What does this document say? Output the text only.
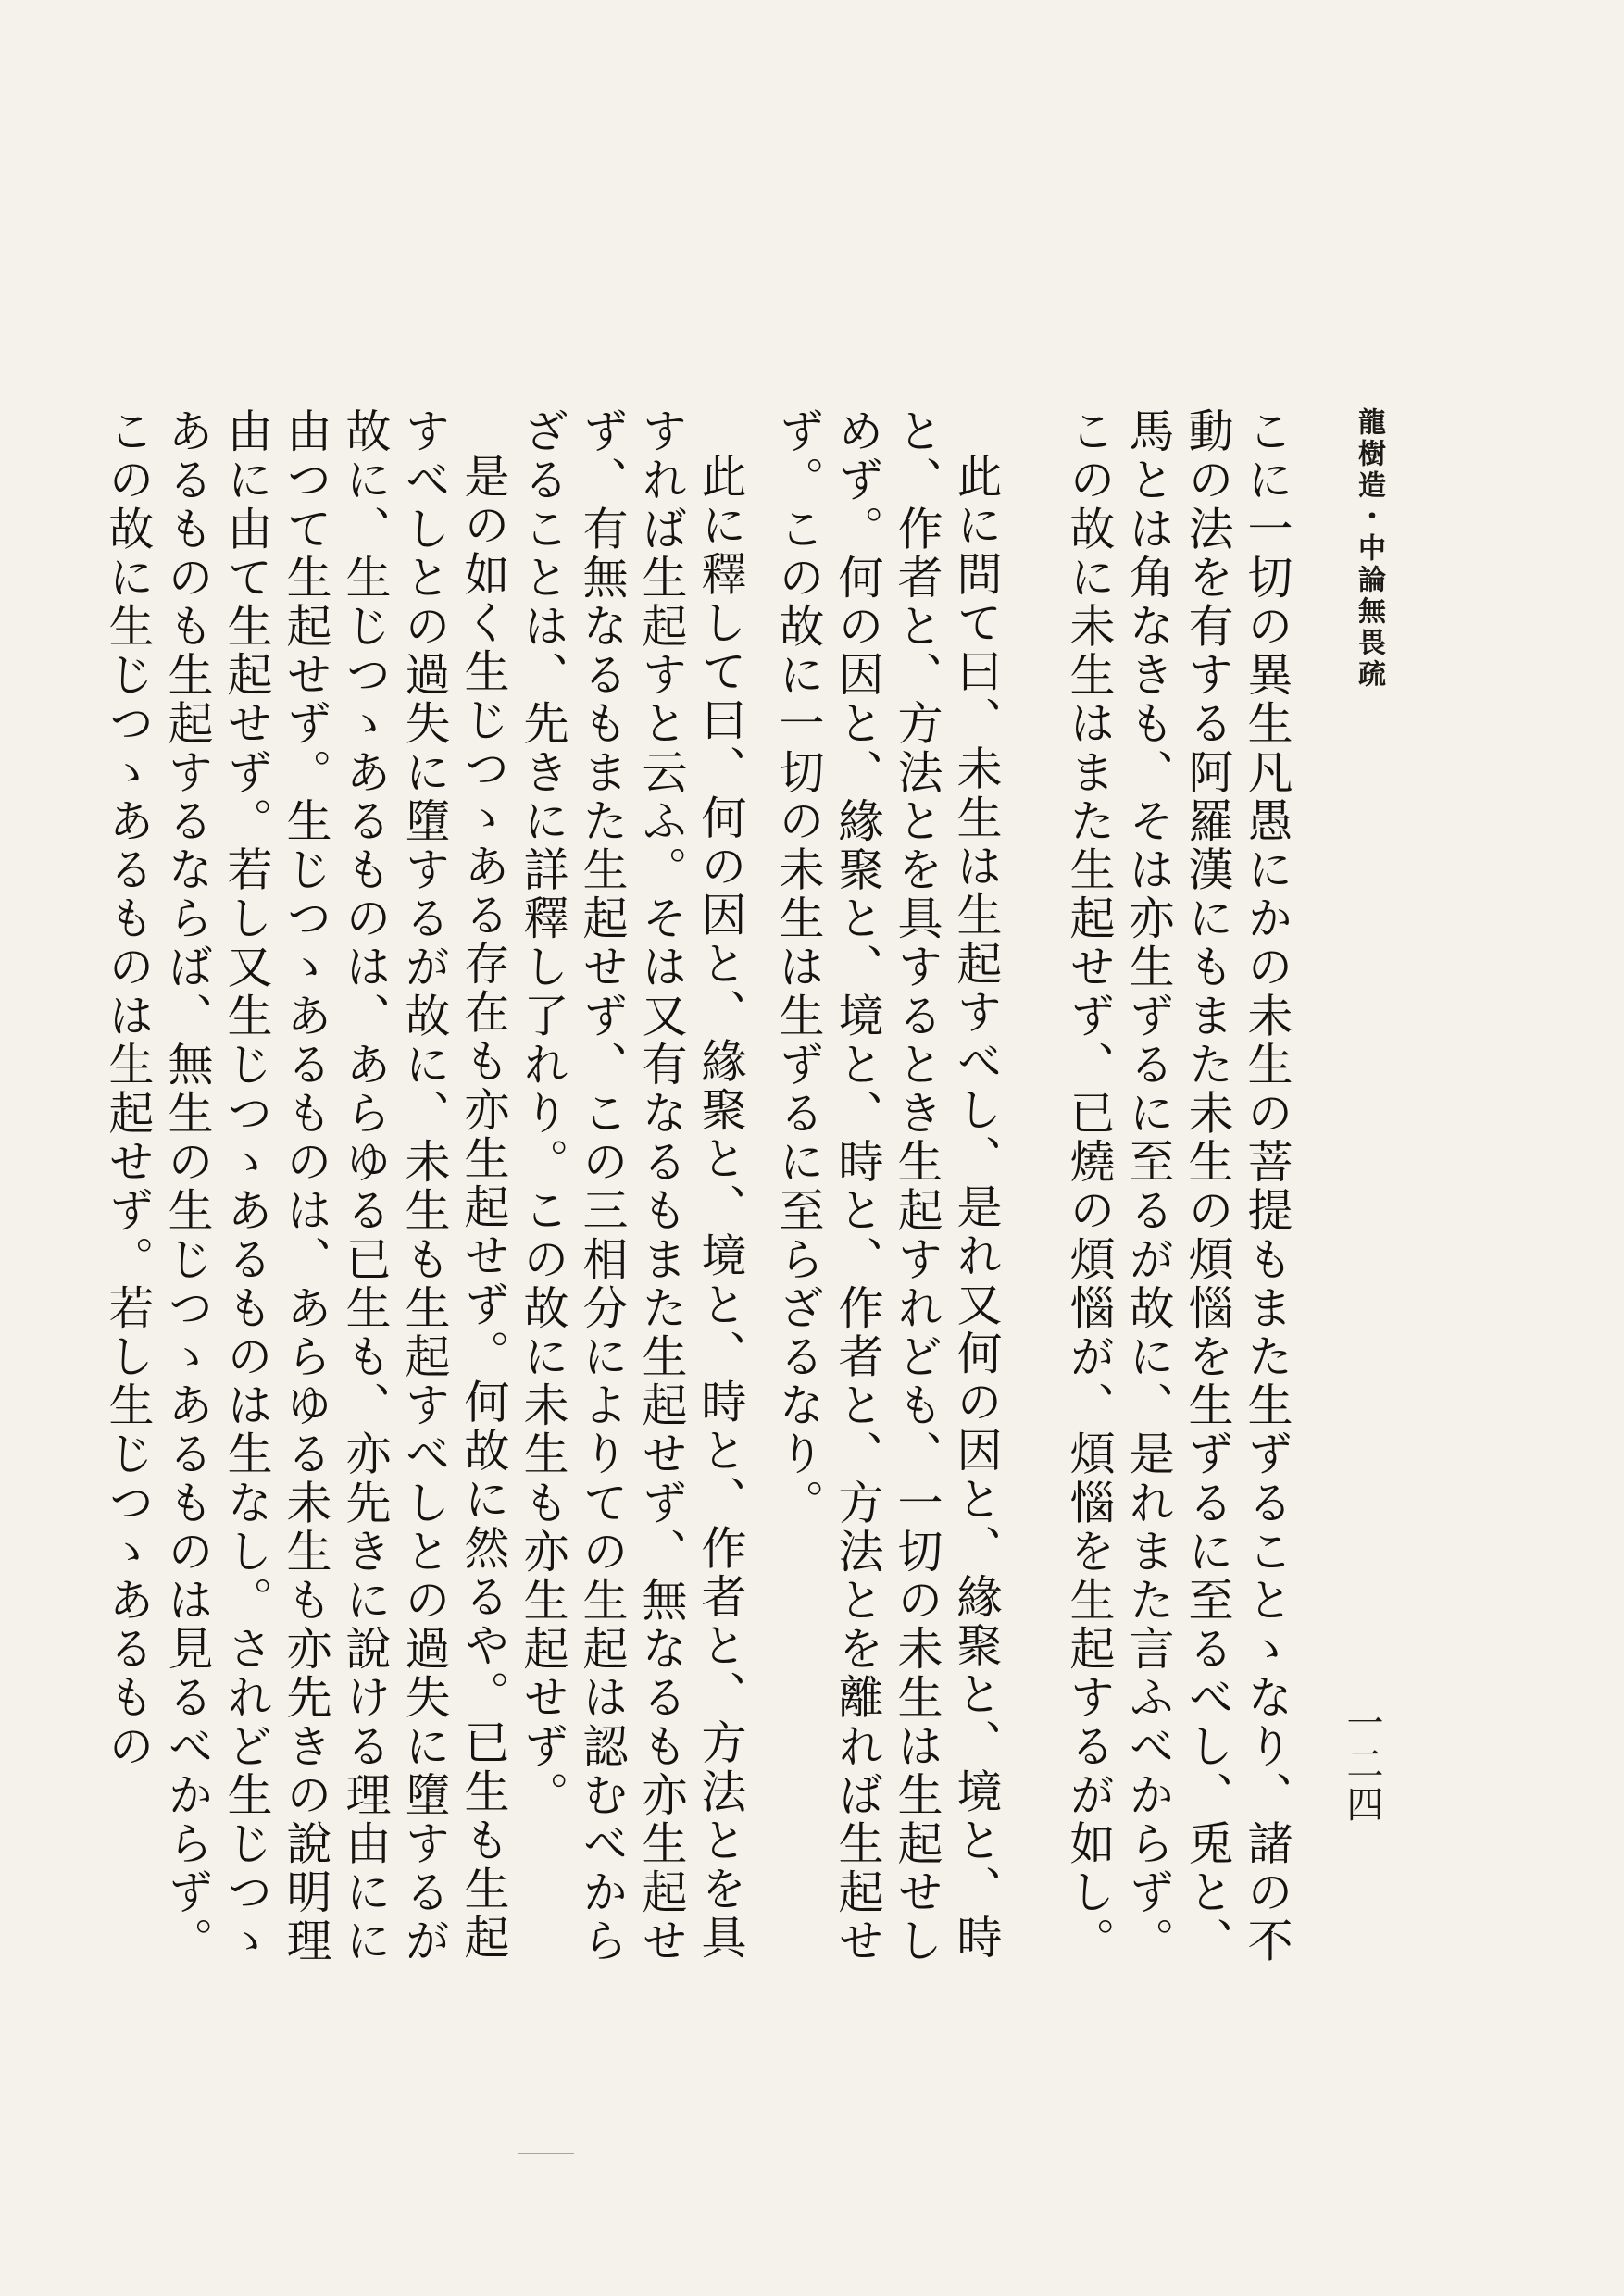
龍樹造・中論無畏疏
一二四

こに一切の異生凡愚にかの未生の菩提もまた生ずることゝなり、諸の不動の法を有する阿羅漢にもまた未生の煩惱を生ずるに至るべし、兎と、馬とは角なきも、そは亦生ずるに至るが故に、是れまた言ふべからず。この故に未生はまた生起せず、已燒の煩惱が、煩惱を生起するが如し。

此に問て曰、未生は生起すべし、是れ又何の因と、緣聚と、境と、時と、作者と、方法とを具するとき生起すれども、一切の未生は生起せしめず。何の因と、緣聚と、境と、時と、作者と、方法とを離れば生起せず。この故に一切の未生は生ずるに至らざるなり。

此に釋して曰、何の因と、緣聚と、境と、時と、作者と、方法とを具すれば生起すと云ふ。そは又有なるもまた生起せず、無なるも亦生起せず、有無なるもまた生起せず、この三相分によりての生起は認むべからざることは、先きに詳釋し了れり。この故に未生も亦生起せず。

是の如く生じつゝある存在も亦生起せず。何故に然るや。已生も生起すべしとの過失に墮するが故に、未生も生起すべしとの過失に墮するが故に、生じつゝあるものは、あらゆる已生も、亦先きに說ける理由にに由つて生起せず。生じつゝあるものは、あらゆる未生も亦先きの說明理由に由て生起せず。若し又生じつゝあるものは生なし。されど生じつゝあるものも生起するならば、無生の生じつゝあるものは見るべからず。この故に生じつゝあるものは生起せず。若し生じつゝあるもの
